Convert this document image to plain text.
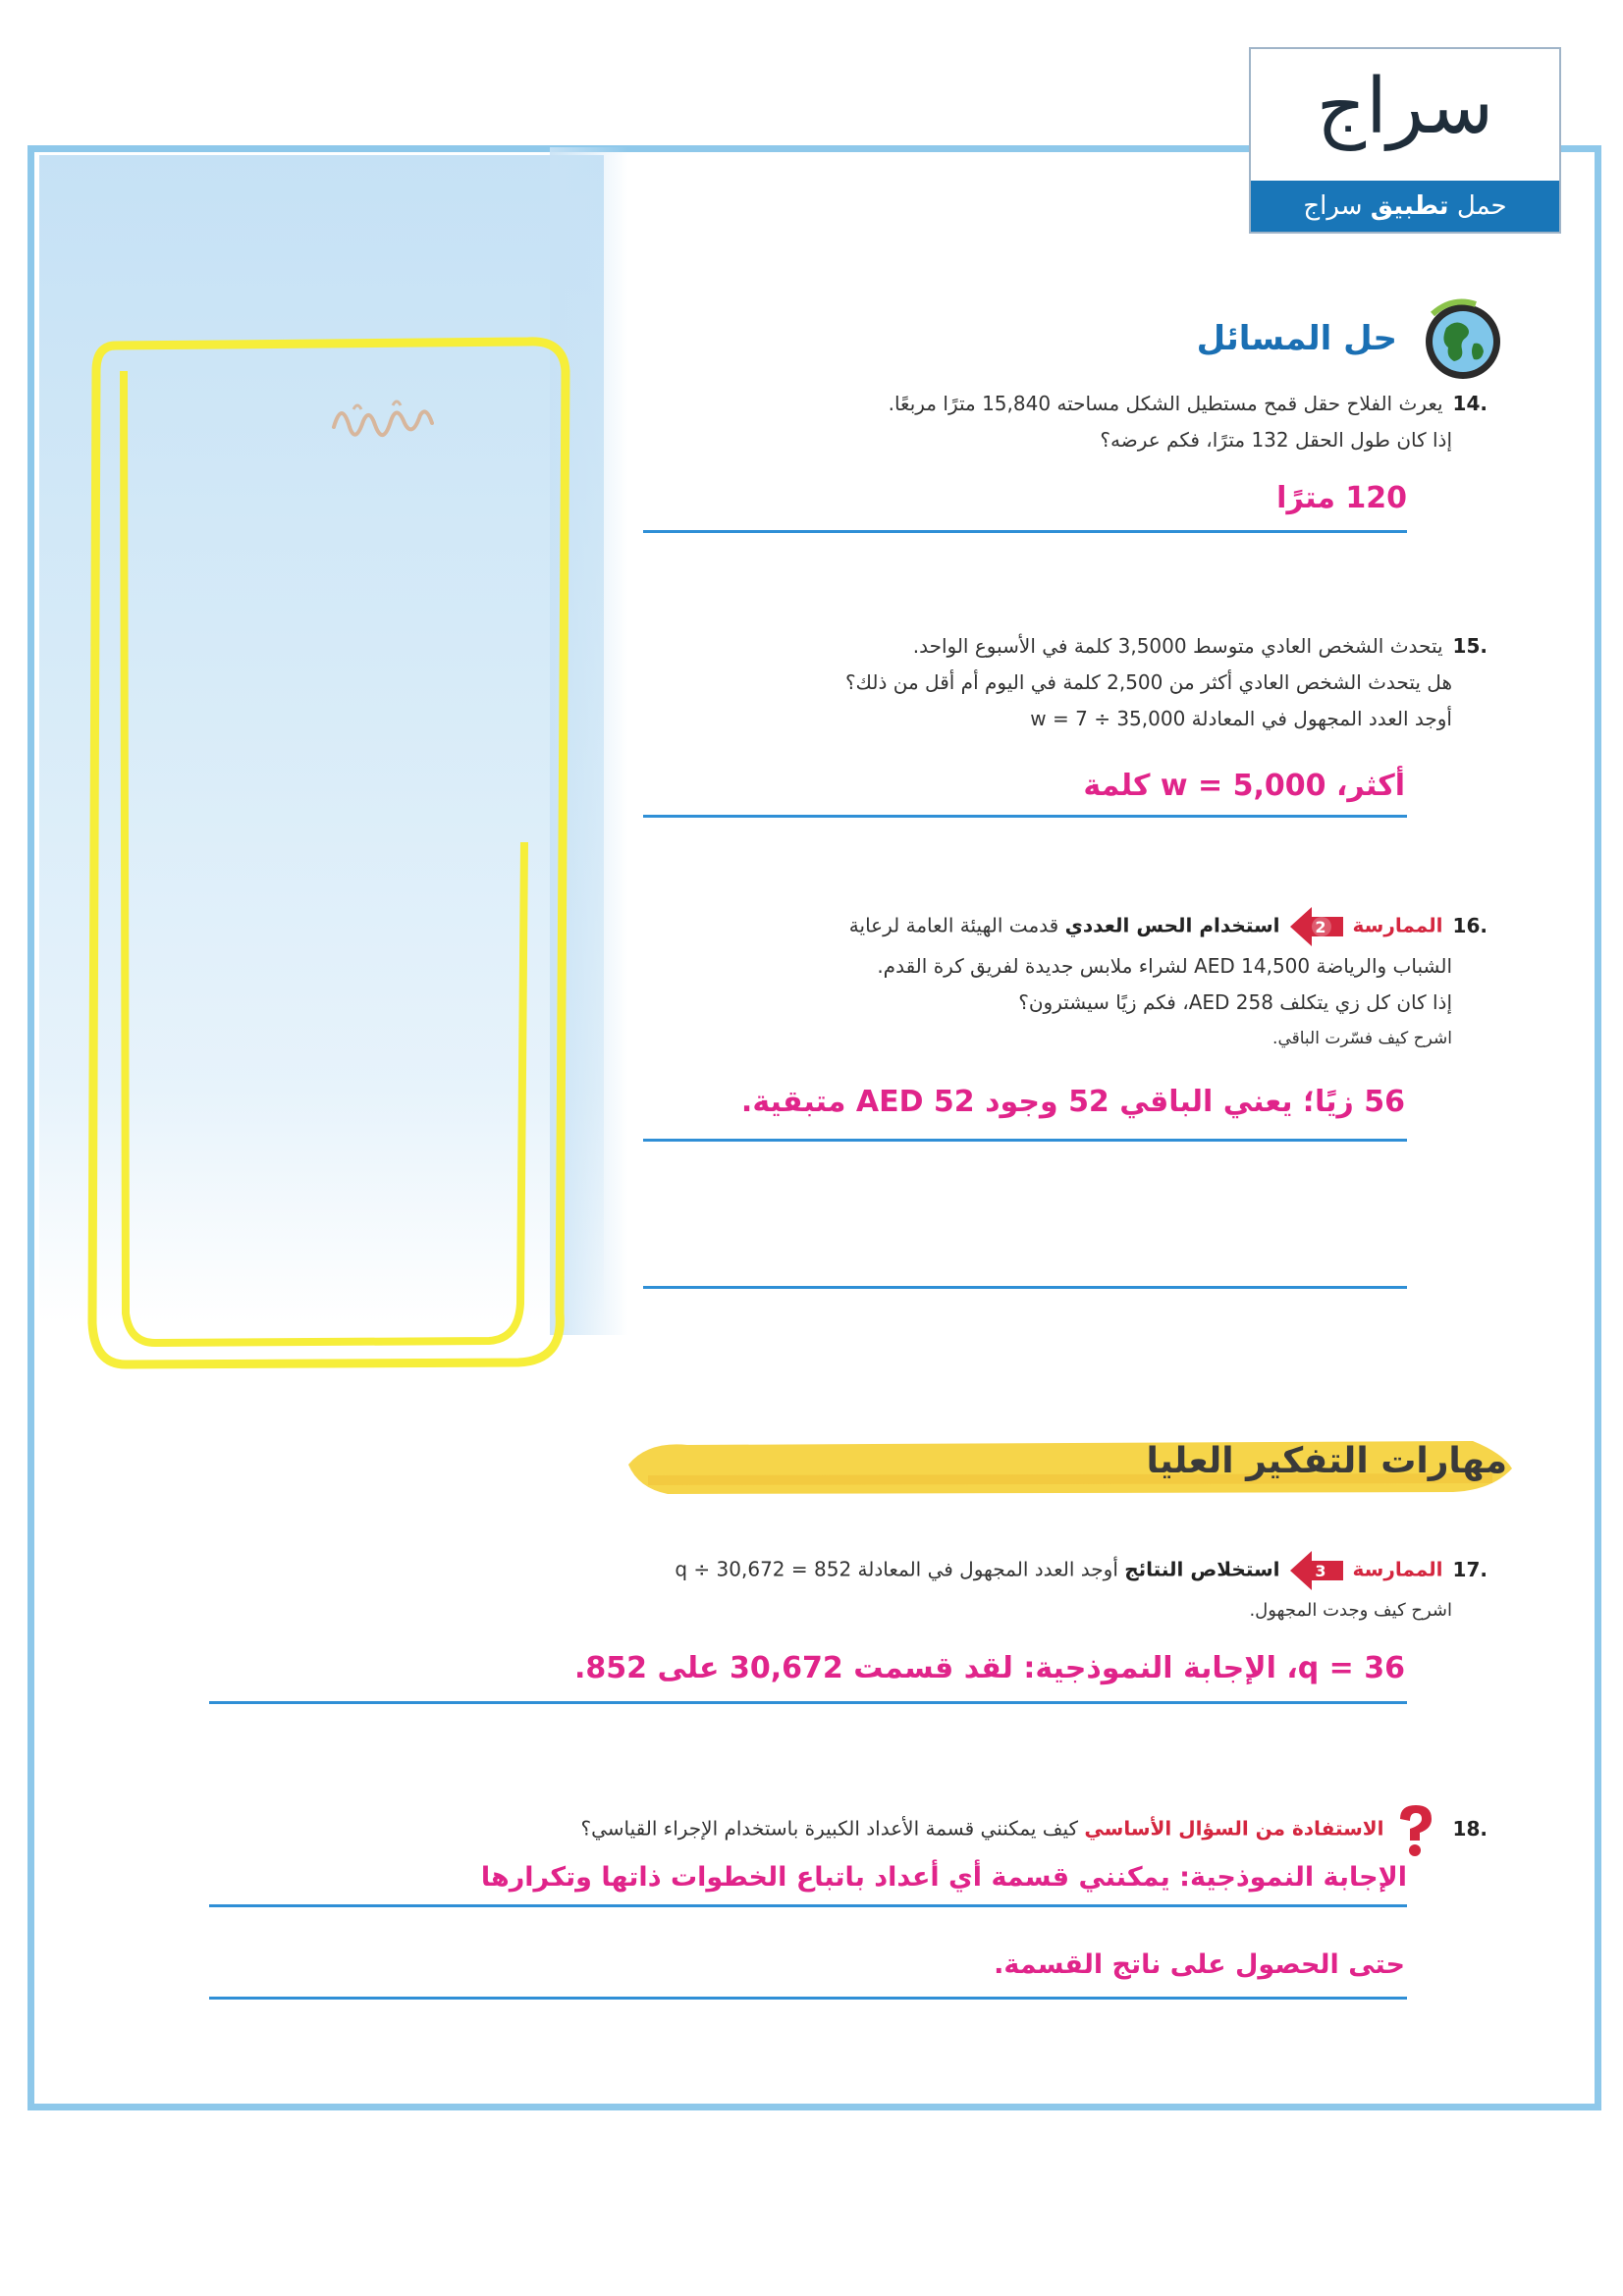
سراج
حمل تطبيق سراج
حل المسائل
.14يعرث الفلاح حقل قمح مستطيل الشكل مساحته 15,840 مترًا مربعًا.
إذا كان طول الحقل 132 مترًا، فكم عرضه؟
120 مترًا
.15يتحدث الشخص العادي متوسط 3,5000 كلمة في الأسبوع الواحد.
هل يتحدث الشخص العادي أكثر من 2,500 كلمة في اليوم أم أقل من ذلك؟
أوجد العدد المجهول في المعادلة w = 7 ÷ 35,000
أكثر، w = 5,000 كلمة
.16الممارسة
2
استخدام الحس العددي قدمت الهيئة العامة لرعاية
الشباب والرياضة AED 14,500 لشراء ملابس جديدة لفريق كرة القدم.
إذا كان كل زي يتكلف AED 258، فكم زيًا سيشترون؟
اشرح كيف فسّرت الباقي.
56 زيًا؛ يعني الباقي 52 وجود AED 52 متبقية.
مهارات التفكير العليا
.17الممارسة
3
استخلاص النتائج أوجد العدد المجهول في المعادلة 852 = q ÷ 30,672
اشرح كيف وجدت المجهول.
q = 36، الإجابة النموذجية: لقد قسمت 30,672 على 852.
.18الاستفادة من السؤال الأساسي كيف يمكنني قسمة الأعداد الكبيرة باستخدام الإجراء القياسي؟
الإجابة النموذجية: يمكنني قسمة أي أعداد باتباع الخطوات ذاتها وتكرارها
حتى الحصول على ناتج القسمة.
